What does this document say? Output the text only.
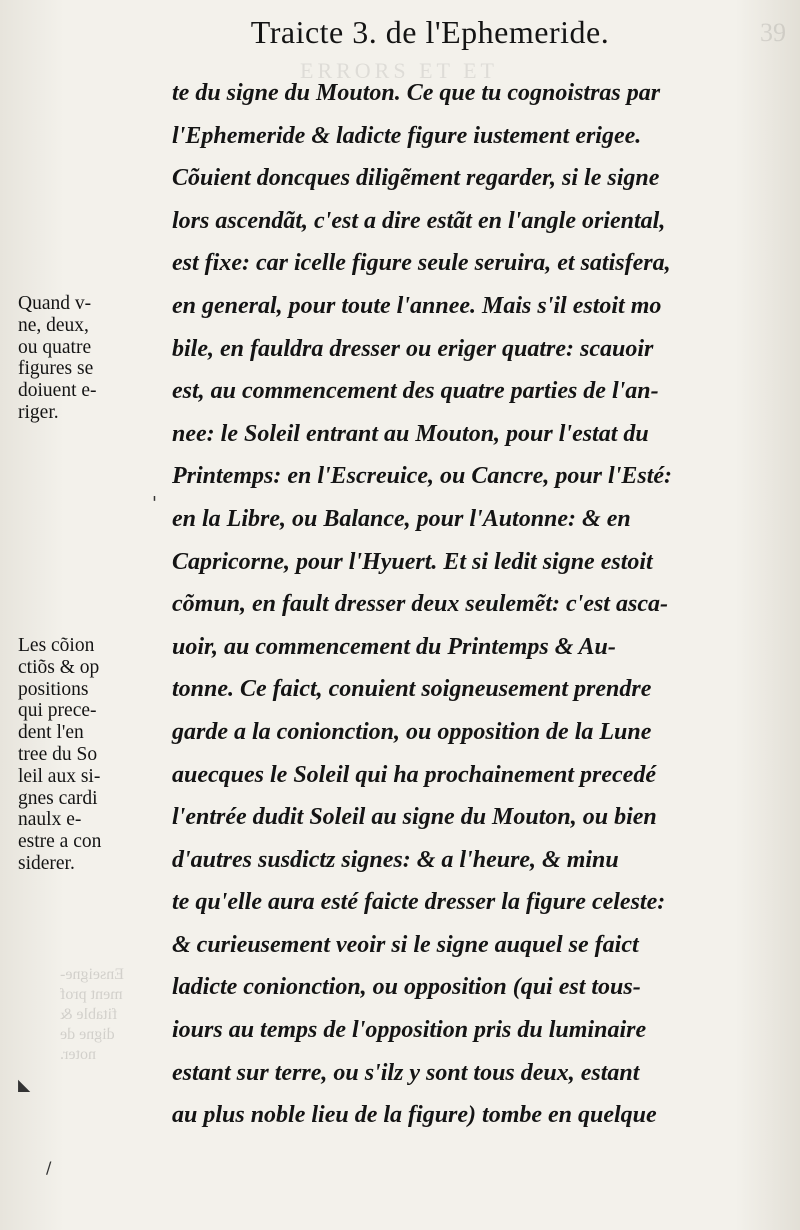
39
ERRORS ET ET
Traicte 3. de l'Ephemeride.
te du signe du Mouton. Ce que tu cognoistras par
l'Ephemeride & ladicte figure iustement erigee.
Cõuient doncques diligẽment regarder, si le signe
lors ascendãt, c'est a dire estãt en l'angle oriental,
est fixe: car icelle figure seule seruira, et satisfera,
en general, pour toute l'annee. Mais s'il estoit mo
bile, en fauldra dresser ou eriger quatre: scauoir
est, au commencement des quatre parties de l'an-
nee: le Soleil entrant au Mouton, pour l'estat du
Printemps: en l'Escreuice, ou Cancre, pour l'Esté:
en la Libre, ou Balance, pour l'Autonne: & en
Capricorne, pour l'Hyuert. Et si ledit signe estoit
cõmun, en fault dresser deux seulemẽt: c'est asca-
uoir, au commencement du Printemps & Au-
tonne. Ce faict, conuient soigneusement prendre
garde a la conionction, ou opposition de la Lune
auecques le Soleil qui ha prochainement precedé
l'entrée dudit Soleil au signe du Mouton, ou bien
d'autres susdictz signes: & a l'heure, & minu
te qu'elle aura esté faicte dresser la figure celeste:
& curieusement veoir si le signe auquel se faict
ladicte conionction, ou opposition (qui est tous-
iours au temps de l'opposition pris du luminaire
estant sur terre, ou s'ilz y sont tous deux, estant
au plus noble lieu de la figure) tombe en quelque
Quand v-
ne, deux,
ou quatre
figures se
doiuent e-
riger.
Les cõion
ctiõs & op
positions
qui prece-
dent l'en
tree du So
leil aux si-
gnes cardi
naulx e-
estre a con
siderer.
Enseigne-
ment prof
fitable &
digne de
noter.
'
◣
/
